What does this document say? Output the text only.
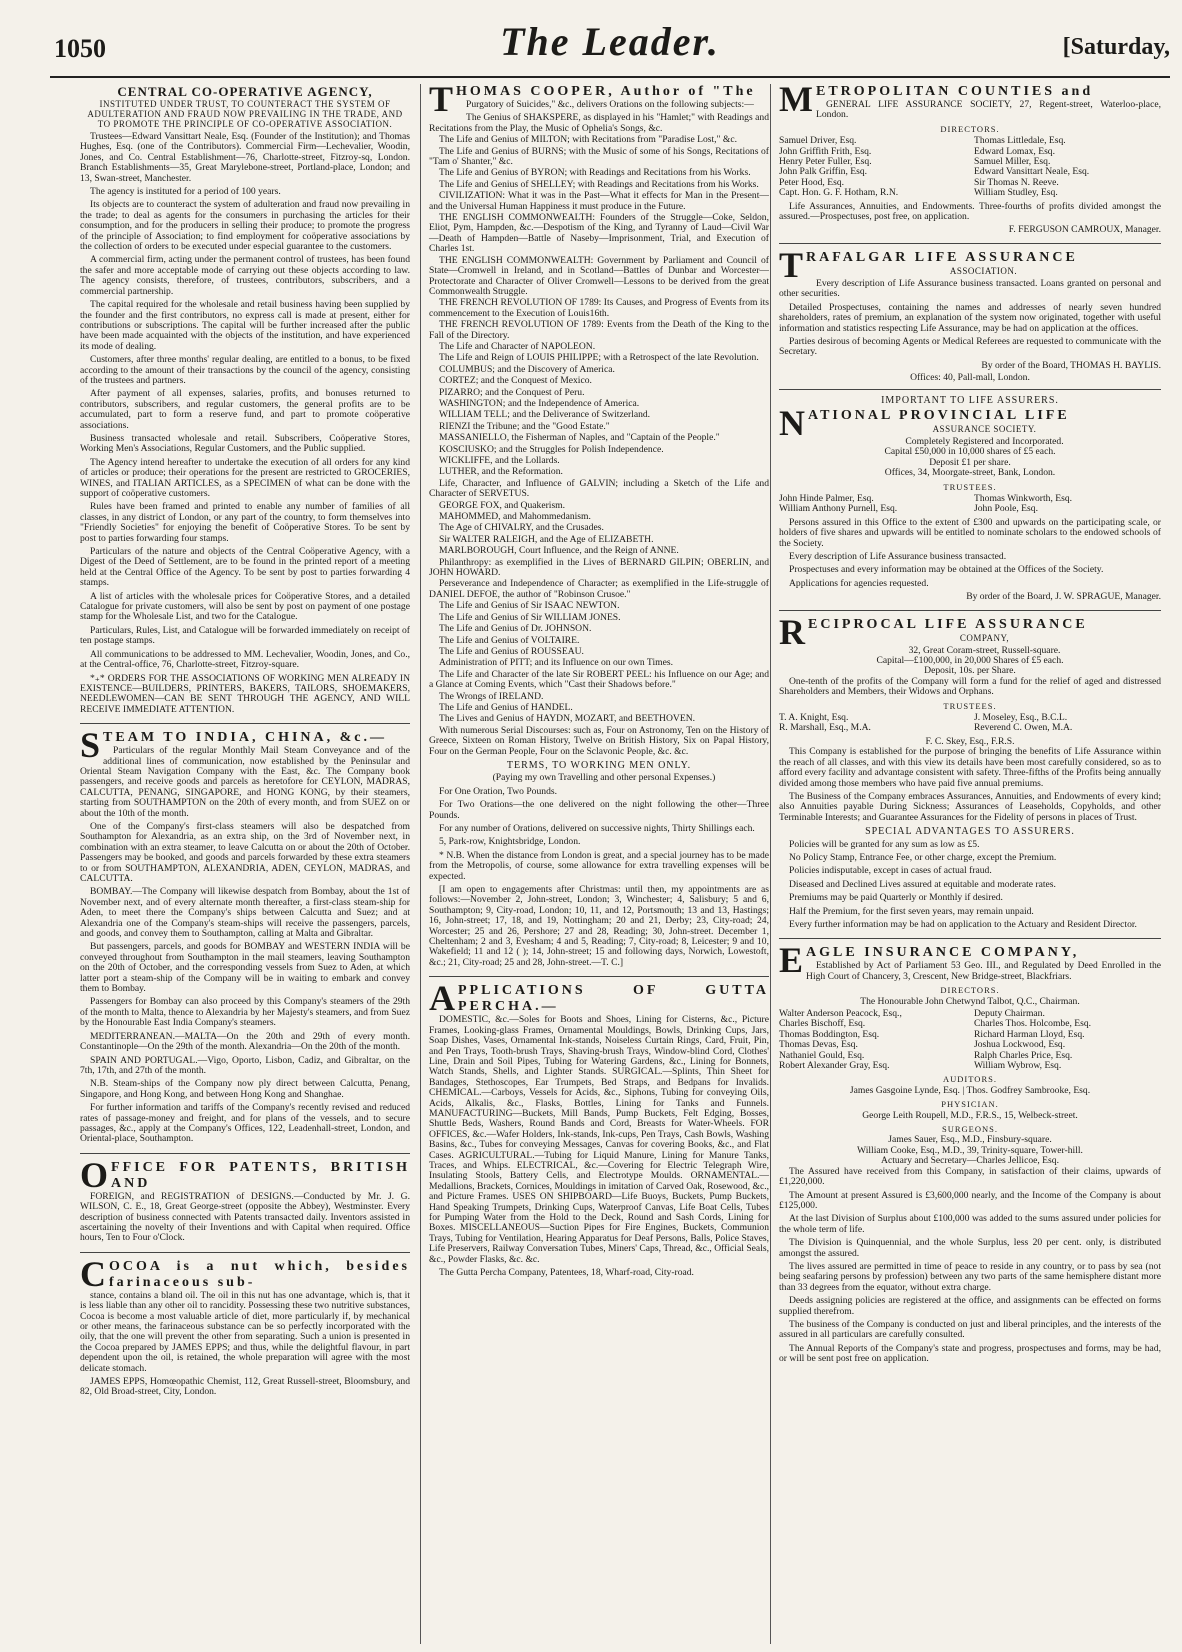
1050	The Leader.	[Saturday,
CENTRAL CO-OPERATIVE AGENCY,
INSTITUTED UNDER TRUST, TO COUNTERACT THE SYSTEM OF ADULTERATION AND FRAUD NOW PREVAILING IN THE TRADE, AND TO PROMOTE THE PRINCIPLE OF CO-OPERATIVE ASSOCIATION.

Trustees—Edward Vansittart Neale, Esq. (Founder of the Institution); and Thomas Hughes, Esq. (one of the Contributors). Commercial Firm—Lechevalier, Woodin, Jones, and Co. Central Establishment—76, Charlotte-street, Fitzroy-sq, London. Branch Establishments—35, Great Marylebone-street, Portland-place, London; and 13, Swan-street, Manchester.

The agency is instituted for a period of 100 years.

Its objects are to counteract the system of adulteration and fraud now prevailing in the trade; to deal as agents for the consumers in purchasing the articles for their consumption, and for the producers in selling their produce; to promote the progress of the principle of Association; to find employment for coöperative associations by the collection of orders to be executed under especial guarantee to the customers.

A commercial firm, acting under the permanent control of trustees, has been found the safer and more acceptable mode of carrying out these objects according to law. The agency consists, therefore, of trustees, contributors, subscribers, and a commercial partnership.

The capital required for the wholesale and retail business having been supplied by the founder and the first contributors, no express call is made at present, either for contributions or subscriptions. The capital will be further increased after the public have been made acquainted with the objects of the institution, and have experienced its mode of dealing.

Customers, after three months' regular dealing, are entitled to a bonus, to be fixed according to the amount of their transactions by the council of the agency, consisting of the trustees and partners.

After payment of all expenses, salaries, profits, and bonuses returned to contributors, subscribers, and regular customers, the general profits are to be accumulated, part to form a reserve fund, and part to promote coöperative associations.

Business transacted wholesale and retail. Subscribers, Coöperative Stores, Working Men's Associations, Regular Customers, and the Public supplied.

The Agency intend hereafter to undertake the execution of all orders for any kind of articles or produce; their operations for the present are restricted to GROCERIES, WINES, and ITALIAN ARTICLES, as a SPECIMEN of what can be done with the support of coöperative customers.

Rules have been framed and printed to enable any number of families of all classes, in any district of London, or any part of the country, to form themselves into "Friendly Societies" for enjoying the benefit of Coöperative Stores. To be sent by post to parties forwarding four stamps.

Particulars of the nature and objects of the Central Coöperative Agency, with a Digest of the Deed of Settlement, are to be found in the printed report of a meeting held at the Central Office of the Agency. To be sent by post to parties forwarding 4 stamps.

A list of articles with the wholesale prices for Coöperative Stores, and a detailed Catalogue for private customers, will also be sent by post on payment of one postage stamp for the Wholesale List, and two for the Catalogue.

Particulars, Rules, List, and Catalogue will be forwarded immediately on receipt of ten postage stamps.

All communications to be addressed to MM. Lechevalier, Woodin, Jones, and Co., at the Central-office, 76, Charlotte-street, Fitzroy-square.

*₊* ORDERS FOR THE ASSOCIATIONS OF WORKING MEN ALREADY IN EXISTENCE—BUILDERS, PRINTERS, BAKERS, TAILORS, SHOEMAKERS, NEEDLEWOMEN—CAN BE SENT THROUGH THE AGENCY, AND WILL RECEIVE IMMEDIATE ATTENTION.

S TEAM TO INDIA, CHINA, &c.—

Particulars of the regular Monthly Mail Steam Conveyance and of the additional lines of communication, now established by the Peninsular and Oriental Steam Navigation Company with the East, &c. The Company book passengers, and receive goods and parcels as heretofore for CEYLON, MADRAS, CALCUTTA, PENANG, SINGAPORE, and HONG KONG, by their steamers, starting from SOUTHAMPTON on the 20th of every month, and from SUEZ on or about the 10th of the month.

One of the Company's first-class steamers will also be despatched from Southampton for Alexandria, as an extra ship, on the 3rd of November next, in combination with an extra steamer, to leave Calcutta on or about the 20th of October. Passengers may be booked, and goods and parcels forwarded by these extra steamers to or from SOUTHAMPTON, ALEXANDRIA, ADEN, CEYLON, MADRAS, and CALCUTTA.

BOMBAY.—The Company will likewise despatch from Bombay, about the 1st of November next, and of every alternate month thereafter, a first-class steam-ship for Aden, to meet there the Company's ships between Calcutta and Suez; and at Alexandria one of the Company's steam-ships will receive the passengers, parcels, and goods, and convey them to Southampton, calling at Malta and Gibraltar.

But passengers, parcels, and goods for BOMBAY and WESTERN INDIA will be conveyed throughout from Southampton in the mail steamers, leaving Southampton on the 20th of October, and the corresponding vessels from Suez to Aden, at which latter port a steam-ship of the Company will be in waiting to embark and convey them to Bombay.

Passengers for Bombay can also proceed by this Company's steamers of the 29th of the month to Malta, thence to Alexandria by her Majesty's steamers, and from Suez by the Honourable East India Company's steamers.

MEDITERRANEAN.—MALTA—On the 20th and 29th of every month. Constantinople—On the 29th of the month. Alexandria—On the 20th of the month.

SPAIN AND PORTUGAL.—Vigo, Oporto, Lisbon, Cadiz, and Gibraltar, on the 7th, 17th, and 27th of the month.

N.B. Steam-ships of the Company now ply direct between Calcutta, Penang, Singapore, and Hong Kong, and between Hong Kong and Shanghae.

For further information and tariffs of the Company's recently revised and reduced rates of passage-money and freight, and for plans of the vessels, and to secure passages, &c., apply at the Company's Offices, 122, Leadenhall-street, London, and Oriental-place, Southampton.

O FFICE FOR PATENTS, BRITISH AND

FOREIGN, and REGISTRATION of DESIGNS.—Conducted by Mr. J. G. WILSON, C. E., 18, Great George-street (opposite the Abbey), Westminster. Every description of business connected with Patents transacted daily. Inventors assisted in ascertaining the novelty of their Inventions and with Capital when required. Office hours, Ten to Four o'Clock.

C OCOA is a nut which, besides farinaceous sub-

stance, contains a bland oil. The oil in this nut has one advantage, which is, that it is less liable than any other oil to rancidity. Possessing these two nutritive substances, Cocoa is become a most valuable article of diet, more particularly if, by mechanical or other means, the farinaceous substance can be so perfectly incorporated with the oily, that the one will prevent the other from separating. Such a union is presented in the Cocoa prepared by JAMES EPPS; and thus, while the delightful flavour, in part dependent upon the oil, is retained, the whole preparation will agree with the most delicate stomach.

JAMES EPPS, Homœopathic Chemist, 112, Great Russell-street, Bloomsbury, and 82, Old Broad-street, City, London.

T HOMAS COOPER, Author of "The

Purgatory of Suicides," &c., delivers Orations on the following subjects:—

The Genius of SHAKSPERE, as displayed in his "Hamlet;" with Readings and Recitations from the Play, the Music of Ophelia's Songs, &c.
The Life and Genius of MILTON; with Recitations from "Paradise Lost," &c.
The Life and Genius of BURNS; with the Music of some of his Songs, Recitations of "Tam o' Shanter," &c.
The Life and Genius of BYRON; with Readings and Recitations from his Works.
The Life and Genius of SHELLEY; with Readings and Recitations from his Works.
CIVILIZATION: What it was in the Past—What it effects for Man in the Present—and the Universal Human Happiness it must produce in the Future.
THE ENGLISH COMMONWEALTH: Founders of the Struggle—Coke, Seldon, Eliot, Pym, Hampden, &c.—Despotism of the King, and Tyranny of Laud—Civil War—Death of Hampden—Battle of Naseby—Imprisonment, Trial, and Execution of Charles 1st.
THE ENGLISH COMMONWEALTH: Government by Parliament and Council of State—Cromwell in Ireland, and in Scotland—Battles of Dunbar and Worcester—Protectorate and Character of Oliver Cromwell—Lessons to be derived from the great Commonwealth Struggle.
THE FRENCH REVOLUTION OF 1789: Its Causes, and Progress of Events from its commencement to the Execution of Louis16th.
THE FRENCH REVOLUTION OF 1789: Events from the Death of the King to the Fall of the Directory.
The Life and Character of NAPOLEON.
The Life and Reign of LOUIS PHILIPPE; with a Retrospect of the late Revolution.
COLUMBUS; and the Discovery of America.
CORTEZ; and the Conquest of Mexico.
PIZARRO; and the Conquest of Peru.
WASHINGTON; and the Independence of America.
WILLIAM TELL; and the Deliverance of Switzerland.
RIENZI the Tribune; and the "Good Estate."
MASSANIELLO, the Fisherman of Naples, and "Captain of the People."
KOSCIUSKO; and the Struggles for Polish Independence.
WICKLIFFE, and the Lollards.
LUTHER, and the Reformation.
Life, Character, and Influence of GALVIN; including a Sketch of the Life and Character of SERVETUS.
GEORGE FOX, and Quakerism.
MAHOMMED, and Mahommedanism.
The Age of CHIVALRY, and the Crusades.
Sir WALTER RALEIGH, and the Age of ELIZABETH.
MARLBOROUGH, Court Influence, and the Reign of ANNE.
Philanthropy: as exemplified in the Lives of BERNARD GILPIN; OBERLIN, and JOHN HOWARD.
Perseverance and Independence of Character; as exemplified in the Life-struggle of DANIEL DEFOE, the author of "Robinson Crusoe."
The Life and Genius of Sir ISAAC NEWTON.
The Life and Genius of Sir WILLIAM JONES.
The Life and Genius of Dr. JOHNSON.
The Life and Genius of VOLTAIRE.
The Life and Genius of ROUSSEAU.
Administration of PITT; and its Influence on our own Times.
The Life and Character of the late Sir ROBERT PEEL: his Influence on our Age; and a Glance at Coming Events, which "Cast their Shadows before."
The Wrongs of IRELAND.
The Life and Genius of HANDEL.
The Lives and Genius of HAYDN, MOZART, and BEETHOVEN.
With numerous Serial Discourses: such as, Four on Astronomy, Ten on the History of Greece, Sixteen on Roman History, Twelve on British History, Six on Papal History, Four on the German People, Four on the Sclavonic People, &c. &c.
TERMS, TO WORKING MEN ONLY.

(Paying my own Travelling and other personal Expenses.)

For One Oration, Two Pounds.

For Two Orations—the one delivered on the night following the other—Three Pounds.

For any number of Orations, delivered on successive nights, Thirty Shillings each.

5, Park-row, Knightsbridge, London.

* N.B. When the distance from London is great, and a special journey has to be made from the Metropolis, of course, some allowance for extra travelling expenses will be expected.

[I am open to engagements after Christmas: until then, my appointments are as follows:—November 2, John-street, London; 3, Winchester; 4, Salisbury; 5 and 6, Southampton; 9, City-road, London; 10, 11, and 12, Portsmouth; 13 and 13, Hastings; 16, John-street; 17, 18, and 19, Nottingham; 20 and 21, Derby; 23, City-road; 24, Worcester; 25 and 26, Pershore; 27 and 28, Reading; 30, John-street. December 1, Cheltenham; 2 and 3, Evesham; 4 and 5, Reading; 7, City-road; 8, Leicester; 9 and 10, Wakefield; 11 and 12 ( ); 14, John-street; 15 and following days, Norwich, Lowestoft, &c.; 21, City-road; 25 and 28, John-street.—T. C.]

A PPLICATIONS OF GUTTA PERCHA.—

DOMESTIC, &c.—Soles for Boots and Shoes, Lining for Cisterns, &c., Picture Frames, Looking-glass Frames, Ornamental Mouldings, Bowls, Drinking Cups, Jars, Soap Dishes, Vases, Ornamental Ink-stands, Noiseless Curtain Rings, Card, Fruit, Pin, and Pen Trays, Tooth-brush Trays, Shaving-brush Trays, Window-blind Cord, Clothes' Line, Drain and Soil Pipes, Tubing for Watering Gardens, &c., Lining for Bonnets, Watch Stands, Shells, and Lighter Stands. SURGICAL.—Splints, Thin Sheet for Bandages, Stethoscopes, Ear Trumpets, Bed Straps, and Bedpans for Invalids. CHEMICAL.—Carboys, Vessels for Acids, &c., Siphons, Tubing for conveying Oils, Acids, Alkalis, &c., Flasks, Bottles, Lining for Tanks and Funnels. MANUFACTURING—Buckets, Mill Bands, Pump Buckets, Felt Edging, Bosses, Shuttle Beds, Washers, Round Bands and Cord, Breasts for Water-Wheels. FOR OFFICES, &c.—Wafer Holders, Ink-stands, Ink-cups, Pen Trays, Cash Bowls, Washing Basins, &c., Tubes for conveying Messages, Canvas for covering Books, &c., and Flat Cases. AGRICULTURAL.—Tubing for Liquid Manure, Lining for Manure Tanks, Traces, and Whips. ELECTRICAL, &c.—Covering for Electric Telegraph Wire, Insulating Stools, Battery Cells, and Electrotype Moulds. ORNAMENTAL.—Medallions, Brackets, Cornices, Mouldings in imitation of Carved Oak, Rosewood, &c., and Picture Frames. USES ON SHIPBOARD—Life Buoys, Buckets, Pump Buckets, Hand Speaking Trumpets, Drinking Cups, Waterproof Canvas, Life Boat Cells, Tubes for Pumping Water from the Hold to the Deck, Round and Sash Cords, Lining for Boxes. MISCELLANEOUS—Suction Pipes for Fire Engines, Buckets, Communion Trays, Tubing for Ventilation, Hearing Apparatus for Deaf Persons, Balls, Police Staves, Life Preservers, Railway Conversation Tubes, Miners' Caps, Thread, &c., Official Seals, &c., Powder Flasks, &c. &c.

The Gutta Percha Company, Patentees, 18, Wharf-road, City-road.

M ETROPOLITAN COUNTIES and

GENERAL LIFE ASSURANCE SOCIETY, 27, Regent-street, Waterloo-place, London.

DIRECTORS.
Samuel Driver, Esq.	Thomas Littledale, Esq.
John Griffith Frith, Esq.	Edward Lomax, Esq.
Henry Peter Fuller, Esq.	Samuel Miller, Esq.
John Palk Griffin, Esq.	Edward Vansittart Neale, Esq.
Peter Hood, Esq.	Sir Thomas N. Reeve.
Capt. Hon. G. F. Hotham, R.N.	William Studley, Esq.

Life Assurances, Annuities, and Endowments. Three-fourths of profits divided amongst the assured.—Prospectuses, post free, on application.

F. FERGUSON CAMROUX, Manager.
T RAFALGAR LIFE ASSURANCE
ASSOCIATION.

Every description of Life Assurance business transacted. Loans granted on personal and other securities.

Detailed Prospectuses, containing the names and addresses of nearly seven hundred shareholders, rates of premium, an explanation of the system now originated, together with useful information and statistics respecting Life Assurance, may be had on application at the offices.

Parties desirous of becoming Agents or Medical Referees are requested to communicate with the Secretary.

By order of the Board, THOMAS H. BAYLIS.
Offices: 40, Pall-mall, London.
IMPORTANT TO LIFE ASSURERS.
N ATIONAL PROVINCIAL LIFE
ASSURANCE SOCIETY.
Completely Registered and Incorporated.
Capital £50,000 in 10,000 shares of £5 each.
Deposit £1 per share.
Offices, 34, Moorgate-street, Bank, London.
TRUSTEES.
John Hinde Palmer, Esq.	Thomas Winkworth, Esq.
William Anthony Purnell, Esq.	John Poole, Esq.

Persons assured in this Office to the extent of £300 and upwards on the participating scale, or holders of five shares and upwards will be entitled to nominate scholars to the endowed schools of the Society.

Every description of Life Assurance business transacted.

Prospectuses and every information may be obtained at the Offices of the Society.

Applications for agencies requested.

By order of the Board, J. W. SPRAGUE, Manager.
R ECIPROCAL LIFE ASSURANCE
COMPANY,
32, Great Coram-street, Russell-square.
Capital—£100,000, in 20,000 Shares of £5 each.
Deposit, 10s. per Share.

One-tenth of the profits of the Company will form a fund for the relief of aged and distressed Shareholders and Members, their Widows and Orphans.

TRUSTEES.
T. A. Knight, Esq.	J. Moseley, Esq., B.C.L.
R. Marshall, Esq., M.A.	Reverend C. Owen, M.A.
F. C. Skey, Esq., F.R.S.

This Company is established for the purpose of bringing the benefits of Life Assurance within the reach of all classes, and with this view its details have been most carefully considered, so as to afford every facility and advantage consistent with safety. Three-fifths of the Profits being annually divided among those members who have paid five annual premiums.

The Business of the Company embraces Assurances, Annuities, and Endowments of every kind; also Annuities payable During Sickness; Assurances of Leaseholds, Copyholds, and other Terminable Interests; and Guarantee Assurances for the Fidelity of persons in places of Trust.

SPECIAL ADVANTAGES TO ASSURERS.

Policies will be granted for any sum as low as £5.

No Policy Stamp, Entrance Fee, or other charge, except the Premium.

Policies indisputable, except in cases of actual fraud.

Diseased and Declined Lives assured at equitable and moderate rates.

Premiums may be paid Quarterly or Monthly if desired.

Half the Premium, for the first seven years, may remain unpaid.

Every further information may be had on application to the Actuary and Resident Director.

E AGLE INSURANCE COMPANY,

Established by Act of Parliament 53 Geo. III., and Regulated by Deed Enrolled in the High Court of Chancery, 3, Crescent, New Bridge-street, Blackfriars.

DIRECTORS.
The Honourable John Chetwynd Talbot, Q.C., Chairman.
Walter Anderson Peacock, Esq.,	Deputy Chairman.
Charles Bischoff, Esq.	Charles Thos. Holcombe, Esq.
Thomas Boddington, Esq.	Richard Harman Lloyd, Esq.
Thomas Devas, Esq.	Joshua Lockwood, Esq.
Nathaniel Gould, Esq.	Ralph Charles Price, Esq.
Robert Alexander Gray, Esq.	William Wybrow, Esq.
AUDITORS.
James Gasgoine Lynde, Esq. | Thos. Godfrey Sambrooke, Esq.
PHYSICIAN.
George Leith Roupell, M.D., F.R.S., 15, Welbeck-street.
SURGEONS.
James Sauer, Esq., M.D., Finsbury-square.
William Cooke, Esq., M.D., 39, Trinity-square, Tower-hill.
Actuary and Secretary—Charles Jellicoe, Esq.

The Assured have received from this Company, in satisfaction of their claims, upwards of £1,220,000.

The Amount at present Assured is £3,600,000 nearly, and the Income of the Company is about £125,000.

At the last Division of Surplus about £100,000 was added to the sums assured under policies for the whole term of life.

The Division is Quinquennial, and the whole Surplus, less 20 per cent. only, is distributed amongst the assured.

The lives assured are permitted in time of peace to reside in any country, or to pass by sea (not being seafaring persons by profession) between any two parts of the same hemisphere distant more than 33 degrees from the equator, without extra charge.

Deeds assigning policies are registered at the office, and assignments can be effected on forms supplied therefrom.

The business of the Company is conducted on just and liberal principles, and the interests of the assured in all particulars are carefully consulted.

The Annual Reports of the Company's state and progress, prospectuses and forms, may be had, or will be sent post free on application.
